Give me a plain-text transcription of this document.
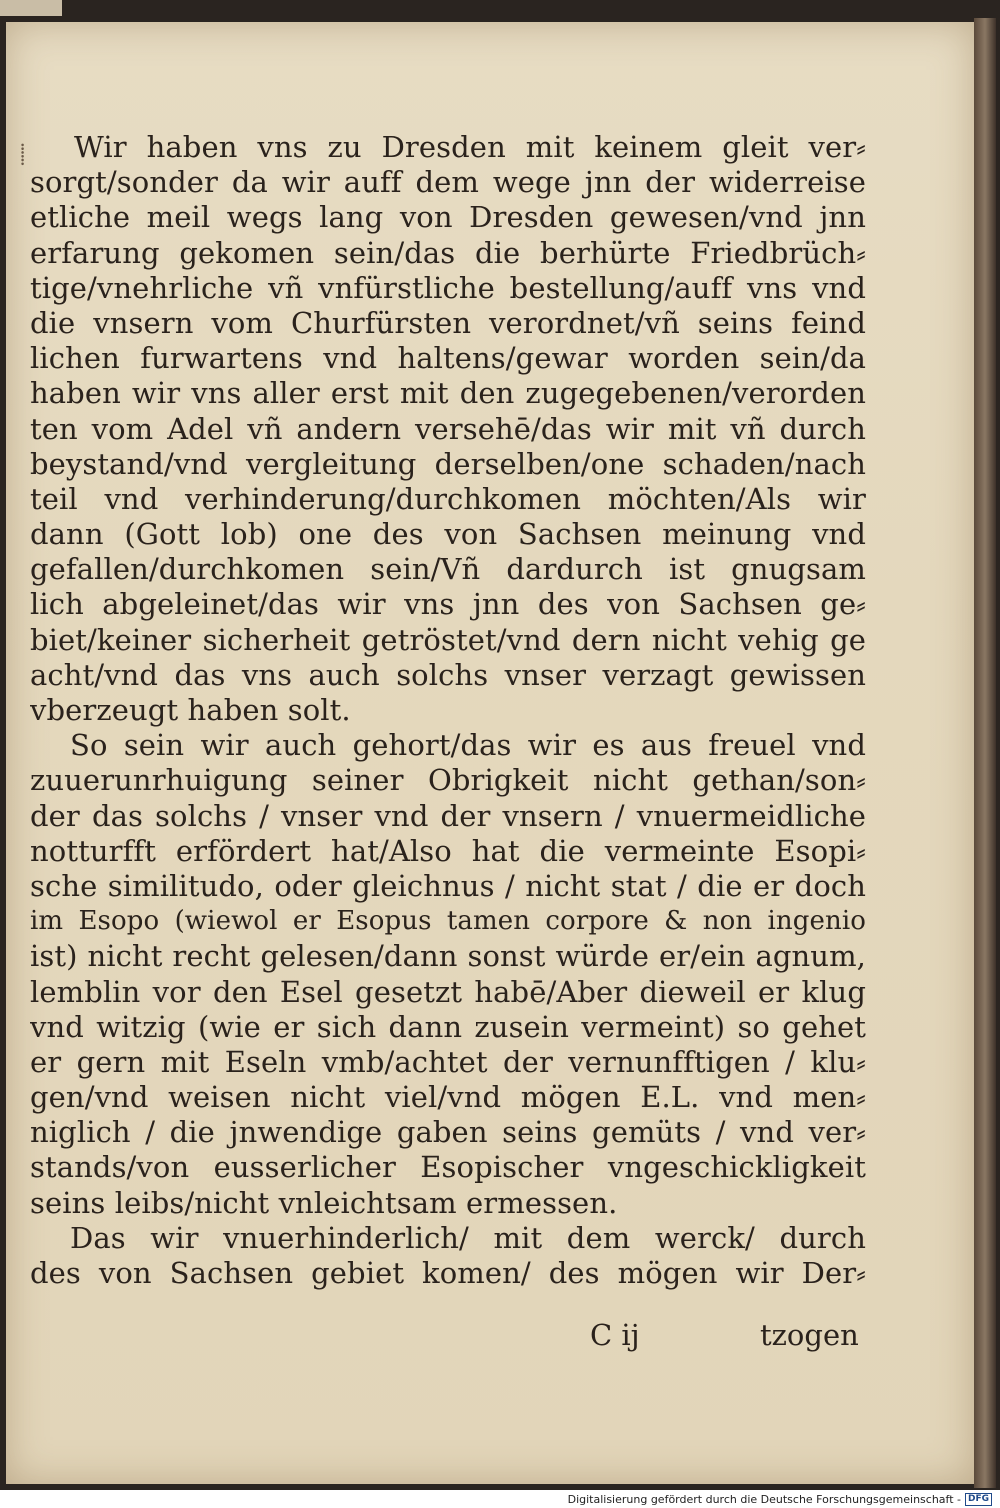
⸽	Wir haben vns zu Dresden mit keinem gleit ver⸗
sorgt/sonder da wir auff dem wege jnn der widerreise
etliche meil wegs lang von Dresden gewesen/vnd jnn
erfarung gekomen sein/das die berhürte Friedbrüch⸗
tige/vnehrliche vñ vnfürstliche bestellung/auff vns vnd
die vnsern vom Churfürsten verordnet/vñ seins feind
lichen furwartens vnd haltens/gewar worden sein/da
haben wir vns aller erst mit den zugegebenen/verorden
ten vom Adel vñ andern versehē/das wir mit vñ durch
beystand/vnd vergleitung derselben/one schaden/nach
teil vnd verhinderung/durchkomen möchten/Als wir
dann (Gott lob) one des von Sachsen meinung vnd
gefallen/durchkomen sein/Vñ dardurch ist gnugsam
lich abgeleinet/das wir vns jnn des von Sachsen ge⸗
biet/keiner sicherheit getröstet/vnd dern nicht vehig ge
acht/vnd das vns auch solchs vnser verzagt gewissen
vberzeugt haben solt.
So sein wir auch gehort/das wir es aus freuel vnd
zuuerunrhuigung seiner Obrigkeit nicht gethan/son⸗
der das solchs / vnser vnd der vnsern / vnuermeidliche
notturfft erfördert hat/Also hat die vermeinte Esopi⸗
sche similitudo, oder gleichnus / nicht stat / die er doch
im Esopo (wiewol er Esopus tamen corpore & non ingenio
ist) nicht recht gelesen/dann sonst würde er/ein agnum,
lemblin vor den Esel gesetzt habē/Aber dieweil er klug
vnd witzig (wie er sich dann zusein vermeint) so gehet
er gern mit Eseln vmb/achtet der vernunfftigen / klu⸗
gen/vnd weisen nicht viel/vnd mögen E.L. vnd men⸗
niglich / die jnwendige gaben seins gemüts / vnd ver⸗
stands/von eusserlicher Esopischer vngeschickligkeit
seins leibs/nicht vnleichtsam ermessen.
Das wir vnuerhinderlich/ mit dem werck/ durch
des von Sachsen gebiet komen/ des mögen wir Der⸗
C ij	tzogen
Digitalisierung gefördert durch die Deutsche Forschungsgemeinschaft - DFG
